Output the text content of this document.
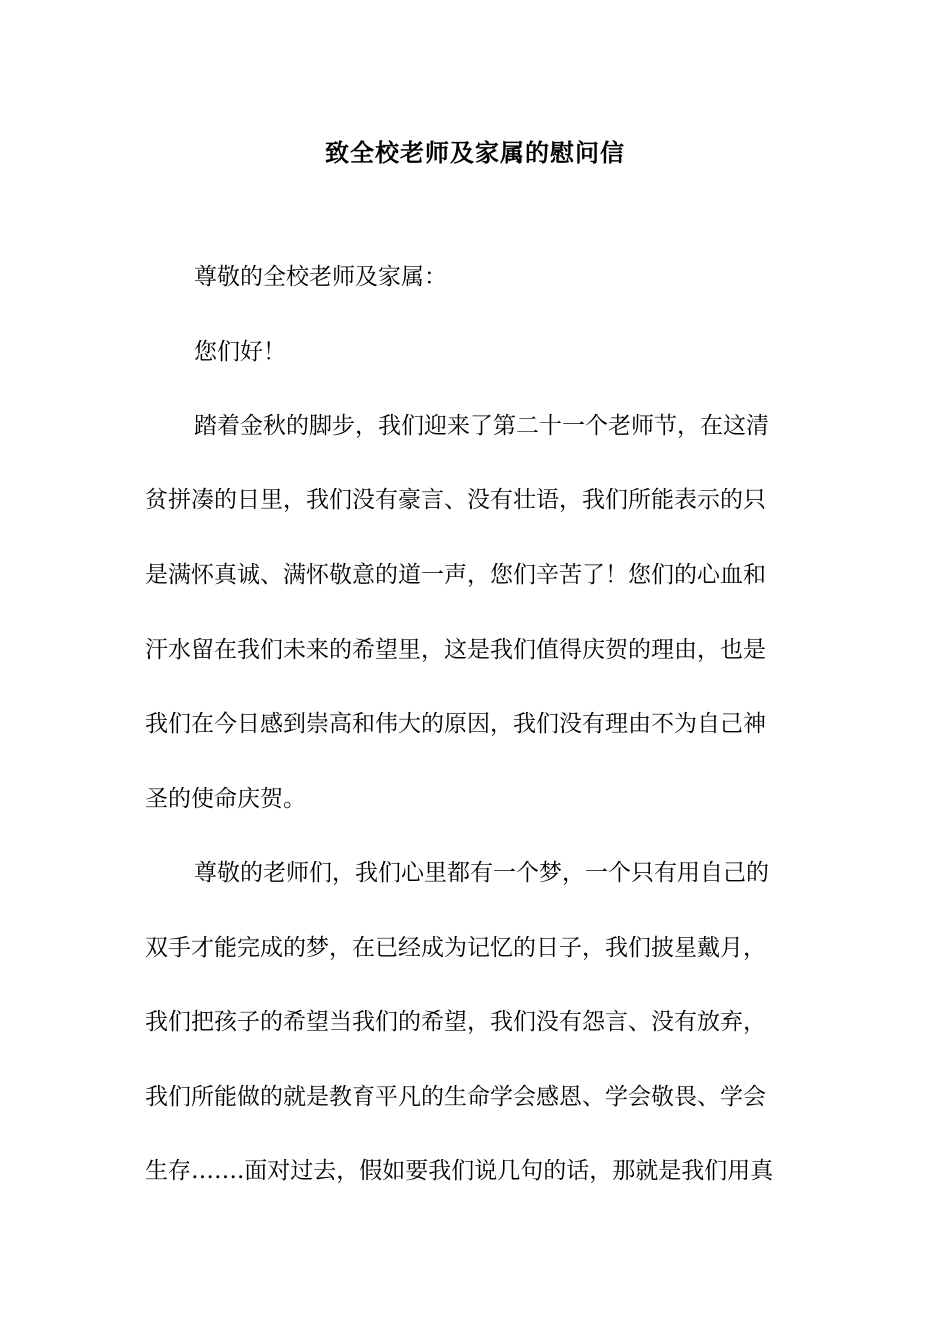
致全校老师及家属的慰问信
尊敬的全校老师及家属：
您们好！
踏着金秋的脚步，我们迎来了第二十一个老师节，在这清
贫拼凑的日里，我们没有豪言、没有壮语，我们所能表示的只
是满怀真诚、满怀敬意的道一声，您们辛苦了！您们的心血和
汗水留在我们未来的希望里，这是我们值得庆贺的理由，也是
我们在今日感到崇高和伟大的原因，我们没有理由不为自己神
圣的使命庆贺。
尊敬的老师们，我们心里都有一个梦，一个只有用自己的
双手才能完成的梦，在已经成为记忆的日子，我们披星戴月，
我们把孩子的希望当我们的希望，我们没有怨言、没有放弃，
我们所能做的就是教育平凡的生命学会感恩、学会敬畏、学会
生存…….面对过去，假如要我们说几句的话，那就是我们用真
